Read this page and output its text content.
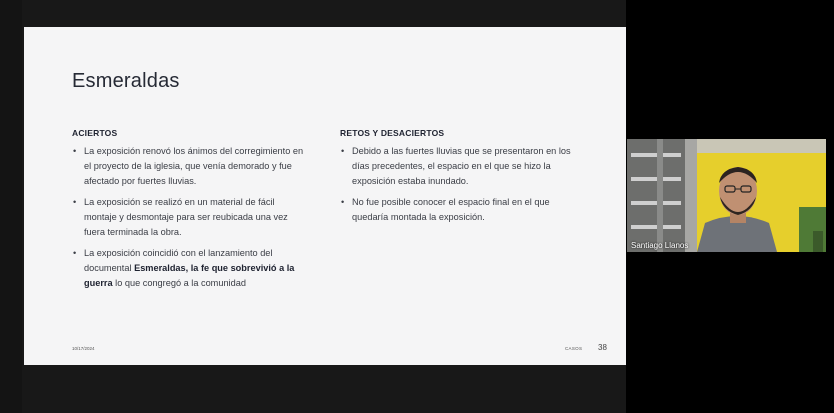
Esmeraldas
ACIERTOS
• La exposición renovó los ánimos del corregimiento en el proyecto de la iglesia, que venía demorado y fue afectado por fuertes lluvias.
• La exposición se realizó en un material de fácil montaje y desmontaje para ser reubicada una vez fuera terminada la obra.
• La exposición coincidió con el lanzamiento del documental Esmeraldas, la fe que sobrevivió a la guerra lo que congregó a la comunidad
RETOS Y DESACIERTOS
• Debido a las fuertes lluvias que se presentaron en los días precedentes, el espacio en el que se hizo la exposición estaba inundado.
• No fue posible conocer el espacio final en el que quedaría montada la exposición.
10/17/2024	CASOS 38
Santiago Llanos
